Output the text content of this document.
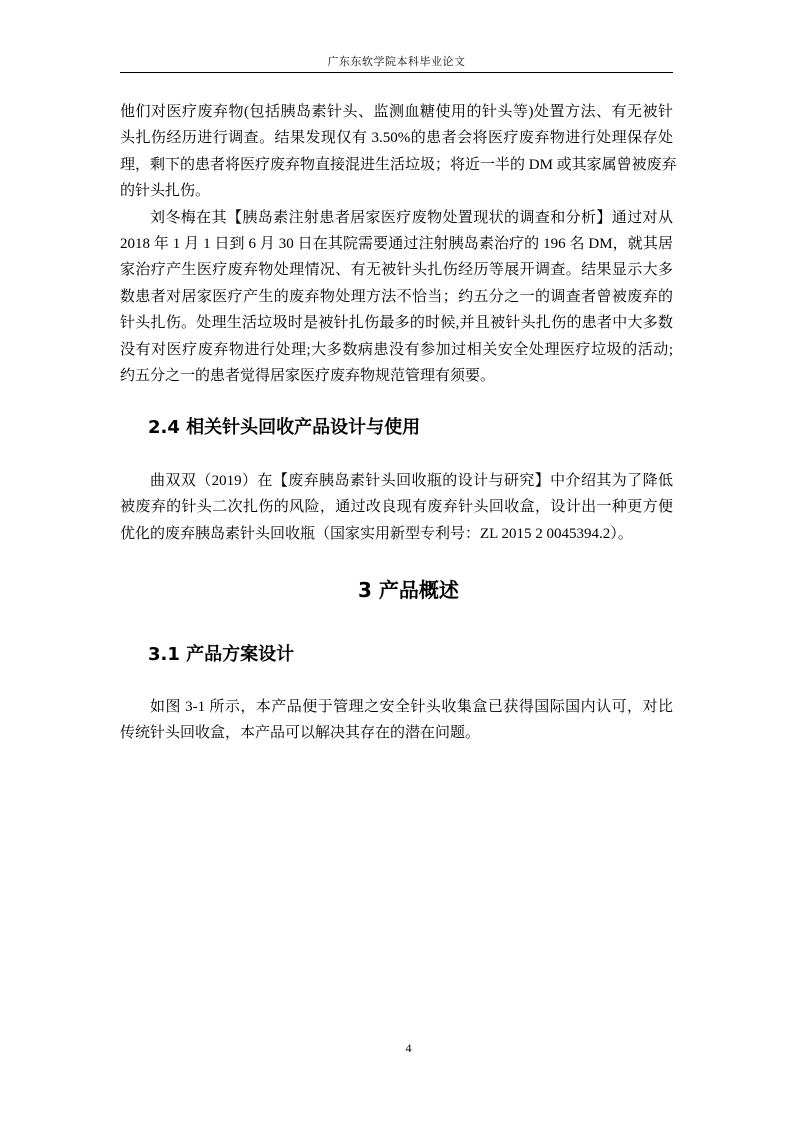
广东东软学院本科毕业论文
他们对医疗废弃物(包括胰岛素针头、监测血糖使用的针头等)处置方法、有无被针
头扎伤经历进行调查。结果发现仅有 3.50%的患者会将医疗废弃物进行处理保存处
理，剩下的患者将医疗废弃物直接混进生活垃圾；将近一半的 DM 或其家属曾被废弃
的针头扎伤。
刘冬梅在其【胰岛素注射患者居家医疗废物处置现状的调查和分析】通过对从
2018 年 1 月 1 日到 6 月 30 日在其院需要通过注射胰岛素治疗的 196 名 DM，就其居
家治疗产生医疗废弃物处理情况、有无被针头扎伤经历等展开调查。结果显示大多
数患者对居家医疗产生的废弃物处理方法不恰当；约五分之一的调查者曾被废弃的
针头扎伤。处理生活垃圾时是被针扎伤最多的时候,并且被针头扎伤的患者中大多数
没有对医疗废弃物进行处理;大多数病患没有参加过相关安全处理医疗垃圾的活动;
约五分之一的患者觉得居家医疗废弃物规范管理有须要。
2.4 相关针头回收产品设计与使用
曲双双（2019）在【废弃胰岛素针头回收瓶的设计与研究】中介绍其为了降低
被废弃的针头二次扎伤的风险，通过改良现有废弃针头回收盒，设计出一种更方便
优化的废弃胰岛素针头回收瓶（国家实用新型专利号：ZL 2015 2 0045394.2）。
3 产品概述
3.1 产品方案设计
如图 3-1 所示，本产品便于管理之安全针头收集盒已获得国际国内认可，对比
传统针头回收盒，本产品可以解决其存在的潜在问题。
4
